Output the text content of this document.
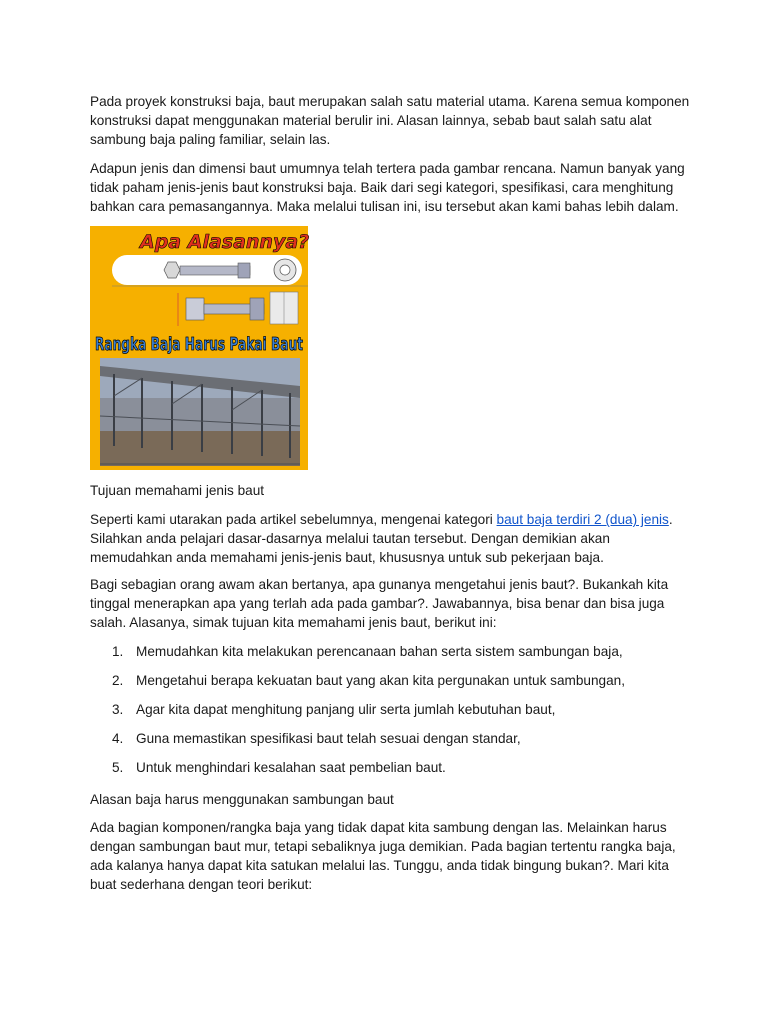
Pada proyek konstruksi baja, baut merupakan salah satu material utama. Karena semua komponen konstruksi dapat menggunakan material berulir ini. Alasan lainnya, sebab baut salah satu alat sambung baja paling familiar, selain las.

Adapun jenis dan dimensi baut umumnya telah tertera pada gambar rencana. Namun banyak yang tidak paham jenis-jenis baut konstruksi baja. Baik dari segi kategori, spesifikasi, cara menghitung bahkan cara pemasangannya. Maka melalui tulisan ini, isu tersebut akan kami bahas lebih dalam.

Apa Alasannya?
Rangka Baja Harus Pakai Baut

Tujuan memahami jenis baut

Seperti kami utarakan pada artikel sebelumnya, mengenai kategori baut baja terdiri 2 (dua) jenis. Silahkan anda pelajari dasar-dasarnya melalui tautan tersebut. Dengan demikian akan memudahkan anda memahami jenis-jenis baut, khususnya untuk sub pekerjaan baja.

Bagi sebagian orang awam akan bertanya, apa gunanya mengetahui jenis baut?. Bukankah kita tinggal menerapkan apa yang terlah ada pada gambar?. Jawabannya, bisa benar dan bisa juga salah. Alasanya, simak tujuan kita memahami jenis baut, berikut ini:

1. Memudahkan kita melakukan perencanaan bahan serta sistem sambungan baja,
2. Mengetahui berapa kekuatan baut yang akan kita pergunakan untuk sambungan,
3. Agar kita dapat menghitung panjang ulir serta jumlah kebutuhan baut,
4. Guna memastikan spesifikasi baut telah sesuai dengan standar,
5. Untuk menghindari kesalahan saat pembelian baut.

Alasan baja harus menggunakan sambungan baut

Ada bagian komponen/rangka baja yang tidak dapat kita sambung dengan las. Melainkan harus dengan sambungan baut mur, tetapi sebaliknya juga demikian. Pada bagian tertentu rangka baja, ada kalanya hanya dapat kita satukan melalui las. Tunggu, anda tidak bingung bukan?. Mari kita buat sederhana dengan teori berikut:
